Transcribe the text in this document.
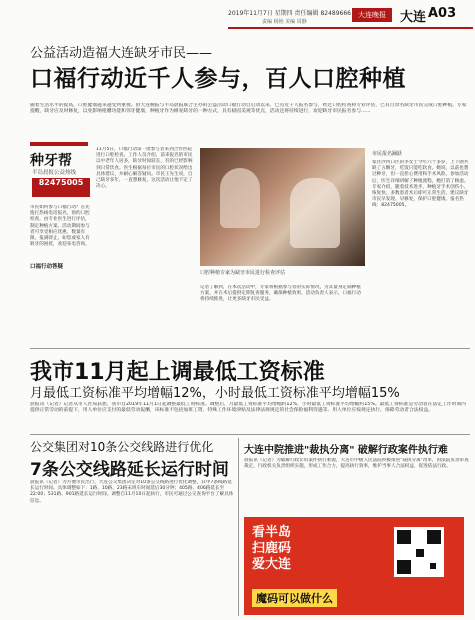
2019年11月7日 星期四 责任编辑 82489666
责编 杨艳 美编 周静
大连晚报	大连 A03
公益活动造福大连缺牙市民——
口福行动近千人参与，百人口腔种植
随着生活水平的提高，口腔健康越来越受到重视。由大连晚报与半岛晨报联合主办的公益活动口福行动自启动以来，已有近千人报名参与，经过口腔检查和专业评估，已有百余名缺牙市民完成口腔种植。专家提醒，缺牙应及时修复，以免影响咀嚼功能和邻牙健康，种植牙作为修复缺牙的一种方式，具有稳固美观等优点，活动还将持续进行，欢迎缺牙市民报名参与……
种牙帮
半岛晨报公益热线
82475005
市民如何参与口福行动？首先拨打热线电话报名，预约口腔检查，由专业医生进行评估，制定种植方案。活动期间参与者可享受相应优惠，数量有限，报满即止。如您或家人有缺牙的困扰，欢迎来电咨询。
口福行动答疑
11月5日，口福行动第一批参与者来到合作医院进行口腔检查。工作人员介绍，前来报名的市民以中老年人居多，缺牙时间较长，有的已经影响到日常饮食。医生根据每位市民的口腔状况给出具体建议，并耐心解答疑问。市民王先生说，自己缺牙多年，一直想修复，这次活动让他下定了决心。
口腔种植专家为缺牙市民进行检查评估
记者了解到，在本次活动中，专家将根据参与者的实际情况，为其量身定制种植方案，并在术后提供定期复查服务，确保种植效果。活动负责人表示，口福行动将持续推进，让更多缺牙市民受益。
市民报名踊跃
家住沙河口区的李女士今年六十多岁，上下颌共缺了五颗牙，吃饭只能吃软食。她说，以前也想过种牙，但一直担心费用和手术风险。参加活动后，医生详细讲解了种植流程，她打消了顾虑。专家介绍，随着技术进步，种植牙手术创伤小、恢复快，多数患者术后即可正常生活。建议缺牙市民早发现、早修复，保护口腔健康。报名热线：82475005。
我市11月起上调最低工资标准
月最低工资标准平均增幅12%，小时最低工资标准平均增幅15%
晨报讯（记者）记者从市人社局获悉，我市自2019年11月1日起调整最低工资标准。调整后，月最低工资标准平均增幅约12%，小时最低工资标准平均增幅约15%。最低工资标准是劳动者在法定工作时间内提供正常劳动的前提下，用人单位应支付的最低劳动报酬，该标准不包括加班工资、特殊工作环境津贴及法律法规规定的社会保险福利待遇等。用人单位应按规定执行，保障劳动者合法权益。
公交集团对10条公交线路进行优化
7条公交线路延长运行时间
晨报讯（记者）为方便市民出行，大连公交集团决定对10条公交线路进行优化调整，其中7条线路延长运行时间。具体调整如下：1路、10路、23路末班车时间延后30分钟；405路、406路延长至22:00；531路、901路延长运行时间。调整自11月10日起执行，市民可通过公交查询平台了解具体信息。
大连中院推进"裁执分离" 破解行政案件执行难
晨报讯（记者）为破解行政非诉案件执行难题，大连市中级人民法院积极推进"裁执分离"改革，由法院负责审查裁定，行政机关负责组织实施，形成工作合力，提高执行效率，维护当事人合法权益，促进依法行政。
看半岛
扫鹿码
爱大连
魔码可以做什么
